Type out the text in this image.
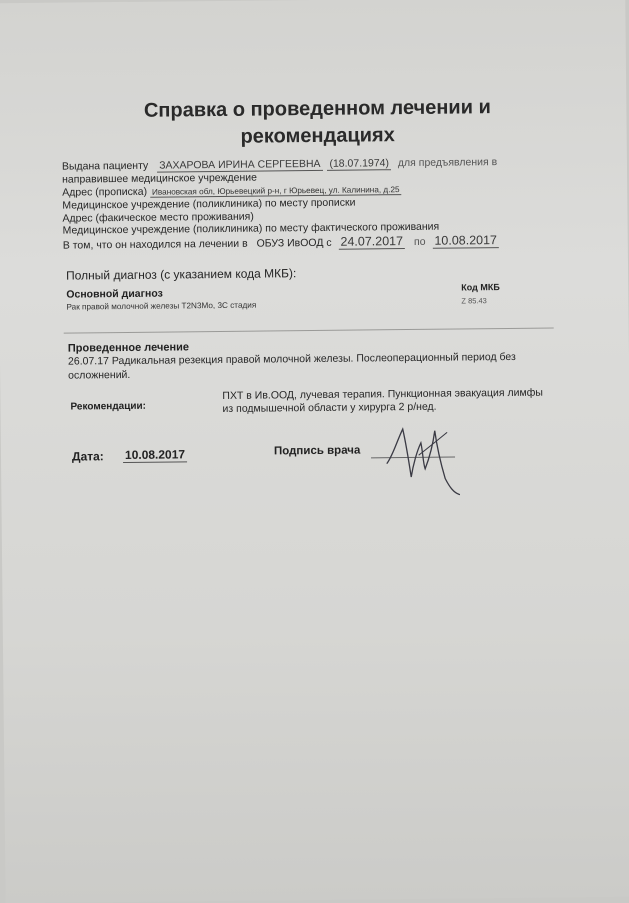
Справка о проведенном лечении и
рекомендациях
Выдана пациенту ЗАХАРОВА ИРИНА СЕРГЕЕВНА (18.07.1974) для предъявления в
направившее медицинское учреждение
Адрес (прописка) Ивановская обл, Юрьевецкий р-н, г Юрьевец, ул. Калинина, д.25
Медицинское учреждение (поликлиника) по месту прописки
Адрес (факическое место проживания)
Медицинское учреждение (поликлиника) по месту фактического проживания
В том, что он находился на лечении в ОБУЗ ИвООД с 24.07.2017 по 10.08.2017
Полный диагноз (с указанием кода МКБ):
Основной диагноз
Рак правой молочной железы T2N3Mo, 3С стадия
Код МКБ
Z 85.43
Проведенное лечение
26.07.17 Радикальная резекция правой молочной железы. Послеоперационный период без
осложнений.
Рекомендации:
ПХТ в Ив.ООД, лучевая терапия. Пункционная эвакуация лимфы
из подмышечной области у хирурга 2 р/нед.
Дата: 10.08.2017	Подпись врача
